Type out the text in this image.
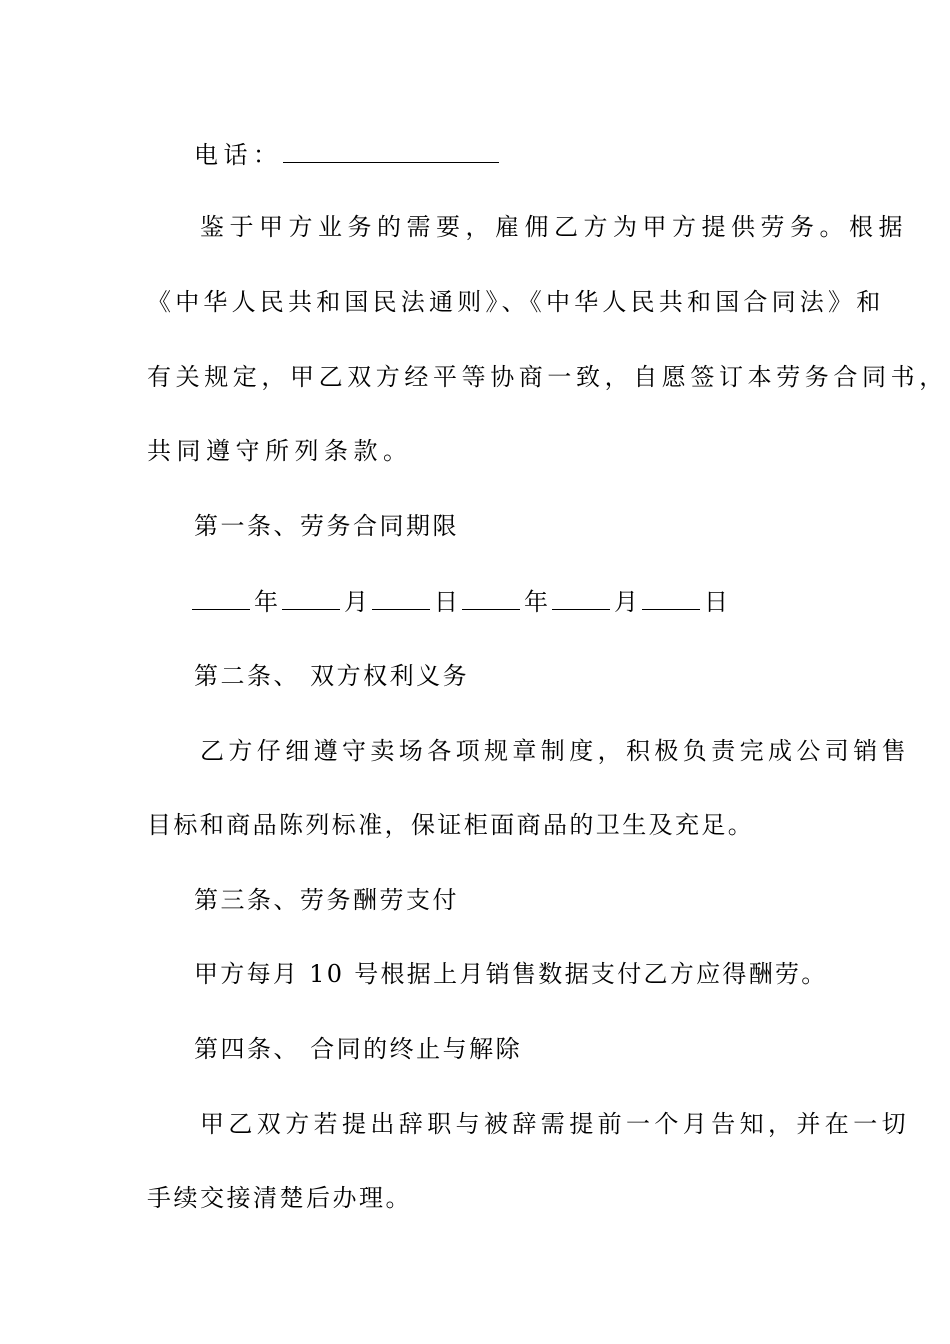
电话：
鉴于甲方业务的需要，雇佣乙方为甲方提供劳务。根据
《中华人民共和国民法通则》、《中华人民共和国合同法》和
有关规定，甲乙双方经平等协商一致，自愿签订本劳务合同书，
共同遵守所列条款。
第一条、劳务合同期限
年	月	日	年	月	日
第二条、 双方权利义务
乙方仔细遵守卖场各项规章制度，积极负责完成公司销售
目标和商品陈列标准，保证柜面商品的卫生及充足。
第三条、劳务酬劳支付
甲方每月 10 号根据上月销售数据支付乙方应得酬劳。
第四条、 合同的终止与解除
甲乙双方若提出辞职与被辞需提前一个月告知，并在一切
手续交接清楚后办理。
